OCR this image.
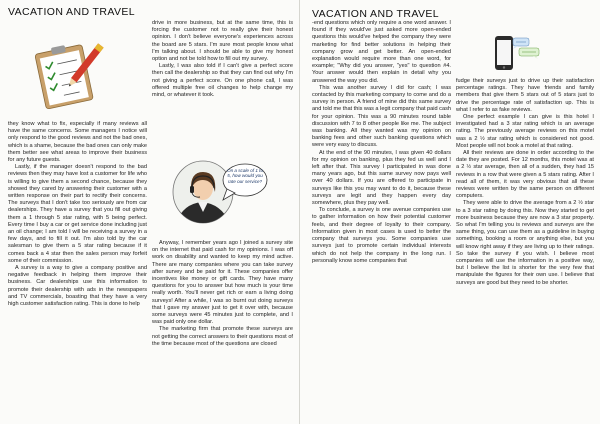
VACATION AND TRAVEL

they know what to fix, especially if many reviews all have the same concerns. Some managers I notice will only respond to the good reviews and not the bad ones, which is a shame, because the bad ones can only make them better see what areas to improve their business for any future guests.

Lastly, if the manager doesn't respond to the bad reviews then they may have lost a customer for life who is willing to give them a second chance, because they showed they cared by answering their customer with a written response on their part to rectify their concerns. The surveys that I don't take too seriously are from car dealerships. They have a survey that you fill out giving them a 1 through 5 star rating, with 5 being perfect. Every time I buy a car or get service done including just an oil change; I am told I will be receiving a survey in a few days, and to fill it out. I'm also told by the car salesman to give them a 5 star rating because if it comes back a 4 star then the sales person may forfeit some of their commission.

A survey is a way to give a company positive and negative feedback in helping them improve their business. Car dealerships use this information to promote their dealership with ads in the newspapers and TV commercials, boasting that they have a very high customer satisfaction rating. This is done to help

drive in more business, but at the same time, this is forcing the customer not to really give their honest opinion. I don't believe everyone's experiences across the board are 5 stars. I'm sure most people know what I'm talking about. I should be able to give my honest option and not be told how to fill out my survey.

Lastly, I was also told if I can't give a perfect score then call the dealership so that they can find out why I'm not giving a perfect score. On one phone call, I was offered multiple free oil changes to help change my mind, or whatever it took.

On a scale of 1 to 5, how would you rate our service?

Anyway, I remember years ago I joined a survey site on the internet that paid cash for my opinions. I was off work on disability and wanted to keep my mind active. There are many companies where you can take survey after survey and be paid for it. These companies offer incentives like money or gift cards. They have many questions for you to answer but how much is your time really worth. You'll never get rich or earn a living doing surveys! After a while, I was so burnt out doing surveys that I gave my answer just to get it over with, because some surveys were 45 minutes just to complete, and I was paid only one dollar.

The marketing firm that promote these surveys are not getting the correct answers to their questions most of the time because most of the questions are closed

VACATION AND TRAVEL

-end questions which only require a one word answer. I found if they would've just asked more open-ended questions this would've helped the company they were marketing for find better solutions in helping their company grow and get better. An open-ended explanation would require more than one word, for example; "Why did you answer, "yes" to question #4. Your answer would then explain in detail why you answered the way you did.

This was another survey I did for cash; I was contacted by this marketing company to come and do a survey in person. A friend of mine did this same survey and told me that this was a legit company that paid cash for your opinion. This was a 90 minutes round table discussion with 7 to 8 other people like me. The subject was banking. All they wanted was my opinion on banking fees and other such banking questions which were very easy to discuss.

At the end of the 90 minutes, I was given 40 dollars for my opinion on banking, plus they fed us well and I left after that. This survey I participated in was done many years ago, but this same survey now pays well over 40 dollars. If you are offered to participate in surveys like this you may want to do it, because these surveys are legit and they happen every day somewhere, plus they pay well.

To conclude, a survey is one avenue companies use to gather information on how their potential customer feels, and their degree of loyalty to their company. Information given in most cases is used to better the company that surveys you. Some companies use surveys just to promote certain individual interests which do not help the company in the long run. I personally know some companies that

fudge their surveys just to drive up their satisfaction percentage ratings. They have friends and family members that give them 5 stars out of 5 stars just to drive the percentage rate of satisfaction up. This is what I refer to as fake reviews.

One perfect example I can give is this hotel I investigated had a 3 star rating which is an average rating. The previously average reviews on this motel was a 2 ½ star rating which is considered not good. Most people will not book a motel at that rating.

All their reviews are done in order according to the date they are posted. For 12 months, this motel was at a 2 ½ star average, then all of a sudden, they had 15 reviews in a row that were given a 5 stars rating. After I read all of them, it was very obvious that all these reviews were written by the same person on different computers.

They were able to drive the average from a 2 ½ star to a 3 star rating by doing this. Now they started to get more business because they are now a 3 star property. So what I'm telling you is reviews and surveys are the same thing, you can use them as a guideline in buying something, booking a room or anything else, but you will know right away if they are living up to their ratings. So take the survey if you wish. I believe most companies will use the information in a positive way, but I believe the list is shorter for the very few that manipulate the figures for their own use. I believe that surveys are good but they need to be shorter.
